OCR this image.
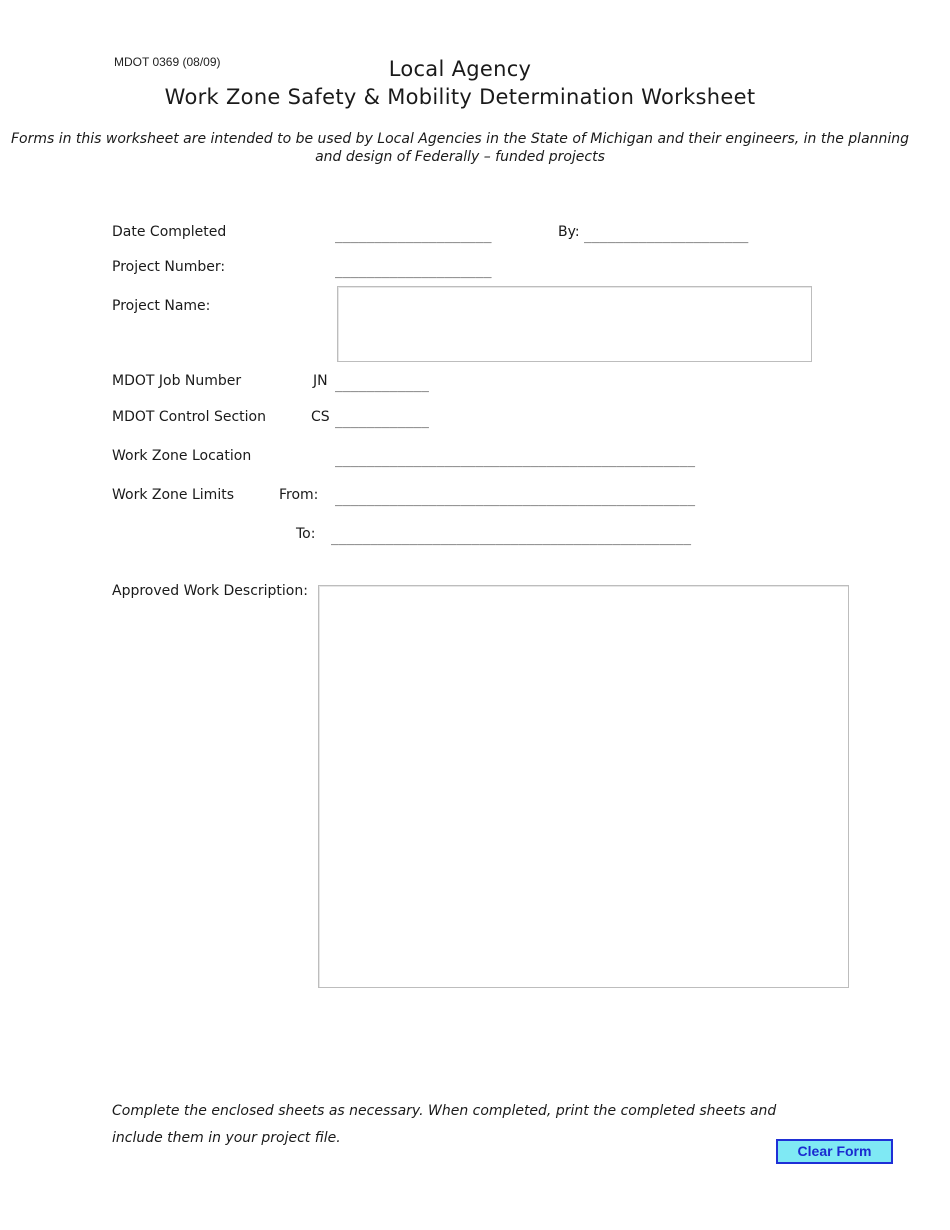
MDOT 0369 (08/09)	Local Agency
Work Zone Safety & Mobility Determination Worksheet
Forms in this worksheet are intended to be used by Local Agencies in the State of Michigan and their engineers, in the planning and design of Federally – funded projects
Date Completed	____________________	By: _____________________
Project Number:	____________________
Project Name:
MDOT Job Number	JN ____________
MDOT Control Section	CS ____________
Work Zone Location	______________________________________________
Work Zone Limits	From: ______________________________________________
To: ______________________________________________
Approved Work Description:
Complete the enclosed sheets as necessary. When completed, print the completed sheets and include them in your project file.
Clear Form
